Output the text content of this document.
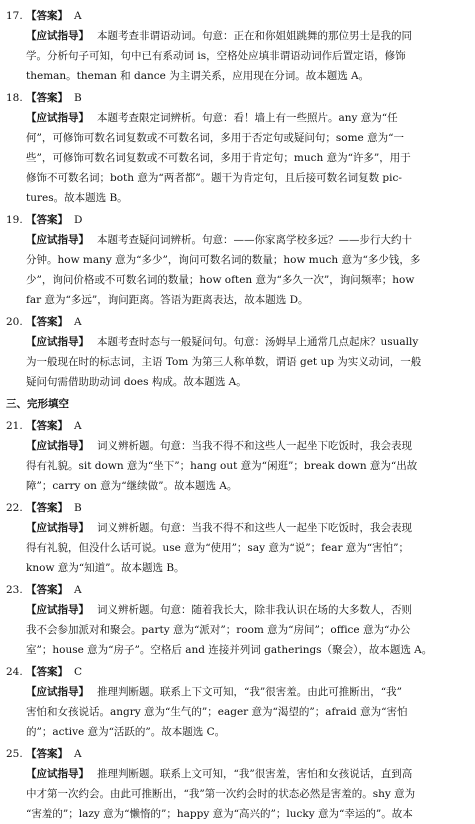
17. 【答案】 A
【应试指导】 本题考查非谓语动词。句意：正在和你姐姐跳舞的那位男士是我的同
学。分析句子可知，句中已有系动词 is，空格处应填非谓语动词作后置定语，修饰
theman。theman 和 dance 为主谓关系，应用现在分词。故本题选 A。
18. 【答案】 B
【应试指导】 本题考查限定词辨析。句意：看！墙上有一些照片。any 意为“任
何”，可修饰可数名词复数或不可数名词，多用于否定句或疑问句；some 意为“一
些”，可修饰可数名词复数或不可数名词，多用于肯定句；much 意为“许多”，用于
修饰不可数名词；both 意为“两者都”。题干为肯定句，且后接可数名词复数 pic-
tures。故本题选 B。
19. 【答案】 D
【应试指导】 本题考查疑问词辨析。句意：——你家离学校多远？——步行大约十
分钟。how many 意为“多少”，询问可数名词的数量；how much 意为“多少钱，多
少”，询问价格或不可数名词的数量；how often 意为“多久一次”，询问频率；how
far 意为“多远”，询问距离。答语为距离表达，故本题选 D。
20. 【答案】 A
【应试指导】 本题考查时态与一般疑问句。句意：汤姆早上通常几点起床？usually
为一般现在时的标志词，主语 Tom 为第三人称单数，谓语 get up 为实义动词，一般
疑问句需借助助动词 does 构成。故本题选 A。
三、完形填空
21. 【答案】 A
【应试指导】 词义辨析题。句意：当我不得不和这些人一起坐下吃饭时，我会表现
得有礼貌。sit down 意为“坐下”；hang out 意为“闲逛”；break down 意为“出故
障”；carry on 意为“继续做”。故本题选 A。
22. 【答案】 B
【应试指导】 词义辨析题。句意：当我不得不和这些人一起坐下吃饭时，我会表现
得有礼貌，但没什么话可说。use 意为“使用”；say 意为“说”；fear 意为“害怕”；
know 意为“知道”。故本题选 B。
23. 【答案】 A
【应试指导】 词义辨析题。句意：随着我长大，除非我认识在场的大多数人，否则
我不会参加派对和聚会。party 意为“派对”；room 意为“房间”；office 意为“办公
室”；house 意为“房子”。空格后 and 连接并列词 gatherings（聚会），故本题选 A。
24. 【答案】 C
【应试指导】 推理判断题。联系上下文可知，“我”很害羞。由此可推断出，“我”
害怕和女孩说话。angry 意为“生气的”；eager 意为“渴望的”；afraid 意为“害怕
的”；active 意为“活跃的”。故本题选 C。
25. 【答案】 A
【应试指导】 推理判断题。联系上文可知，“我”很害羞，害怕和女孩说话，直到高
中才第一次约会。由此可推断出，“我”第一次约会时的状态必然是害羞的。shy 意为
“害羞的”；lazy 意为“懒惰的”；happy 意为“高兴的”；lucky 意为“幸运的”。故本
